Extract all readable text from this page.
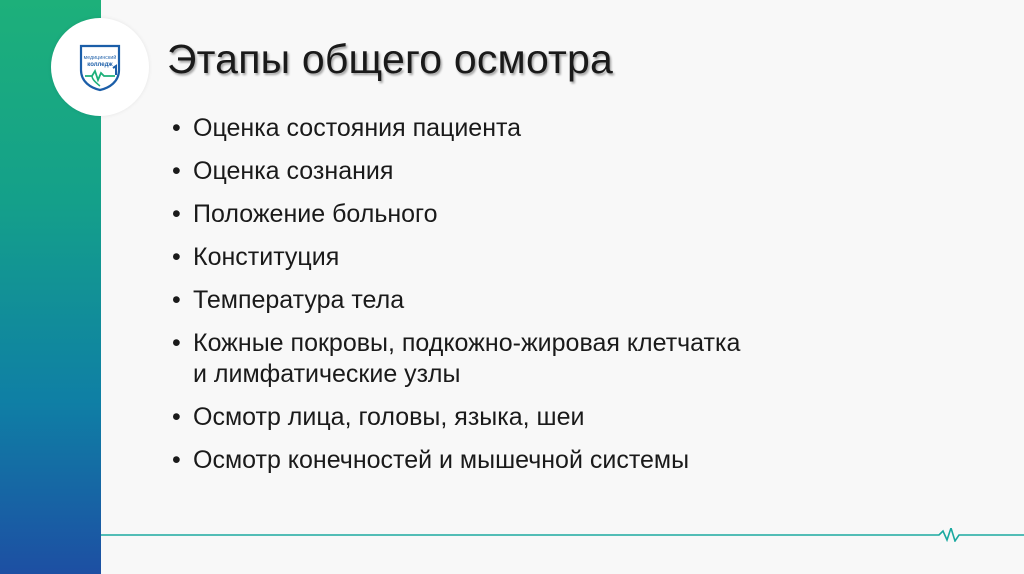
медицинский
колледж Этапы общего осмотра
• Оценка состояния пациента
• Оценка сознания
• Положение больного
• Конституция
• Температура тела
• Кожные покровы, подкожно-жировая клетчатка
и лимфатические узлы
• Осмотр лица, головы, языка, шеи
• Осмотр конечностей и мышечной системы
